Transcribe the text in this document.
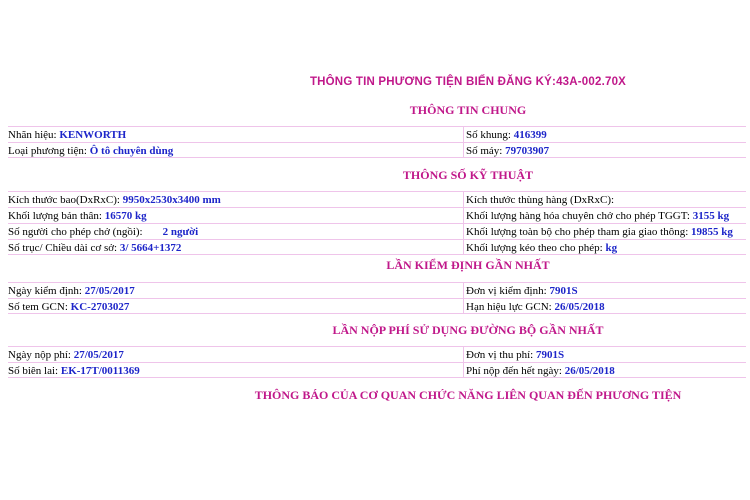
THÔNG TIN PHƯƠNG TIỆN BIỂN ĐĂNG KÝ:43A-002.70X
THÔNG TIN CHUNG
Nhãn hiệu: KENWORTH	Số khung: 416399
Loại phương tiện: Ô tô chuyên dùng	Số máy: 79703907
THÔNG SỐ KỸ THUẬT
Kích thước bao(DxRxC): 9950x2530x3400 mm	Kích thước thùng hàng (DxRxC):
Khối lượng bản thân: 16570 kg	Khối lượng hàng hóa chuyên chở cho phép TGGT: 3155 kg
Số người cho phép chở (ngồi): 2 người	Khối lượng toàn bộ cho phép tham gia giao thông: 19855 kg
Số trục/ Chiều dài cơ sở: 3/ 5664+1372	Khối lượng kéo theo cho phép: kg
LẦN KIỂM ĐỊNH GẦN NHẤT
Ngày kiểm định: 27/05/2017	Đơn vị kiểm định: 7901S
Số tem GCN: KC-2703027	Hạn hiệu lực GCN: 26/05/2018
LẦN NỘP PHÍ SỬ DỤNG ĐƯỜNG BỘ GẦN NHẤT
Ngày nộp phí: 27/05/2017	Đơn vị thu phí: 7901S
Số biên lai: EK-17T/0011369	Phí nộp đến hết ngày: 26/05/2018
THÔNG BÁO CỦA CƠ QUAN CHỨC NĂNG LIÊN QUAN ĐẾN PHƯƠNG TIỆN
